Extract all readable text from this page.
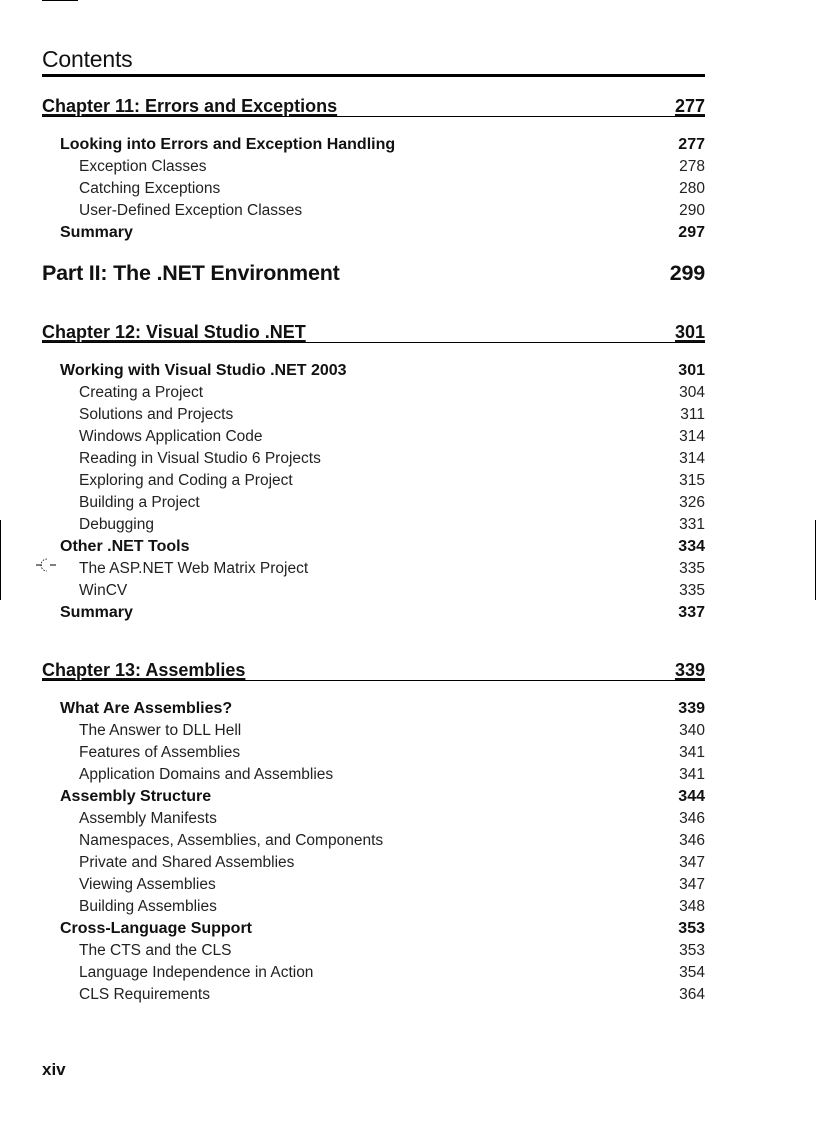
Contents
Chapter 11: Errors and Exceptions	277
Looking into Errors and Exception Handling	277
Exception Classes	278
Catching Exceptions	280
User-Defined Exception Classes	290
Summary	297
Part II: The .NET Environment	299
Chapter 12: Visual Studio .NET	301
Working with Visual Studio .NET 2003	301
Creating a Project	304
Solutions and Projects	311
Windows Application Code	314
Reading in Visual Studio 6 Projects	314
Exploring and Coding a Project	315
Building a Project	326
Debugging	331
Other .NET Tools	334
The ASP.NET Web Matrix Project	335
WinCV	335
Summary	337
Chapter 13: Assemblies	339
What Are Assemblies?	339
The Answer to DLL Hell	340
Features of Assemblies	341
Application Domains and Assemblies	341
Assembly Structure	344
Assembly Manifests	346
Namespaces, Assemblies, and Components	346
Private and Shared Assemblies	347
Viewing Assemblies	347
Building Assemblies	348
Cross-Language Support	353
The CTS and the CLS	353
Language Independence in Action	354
CLS Requirements	364
xiv
